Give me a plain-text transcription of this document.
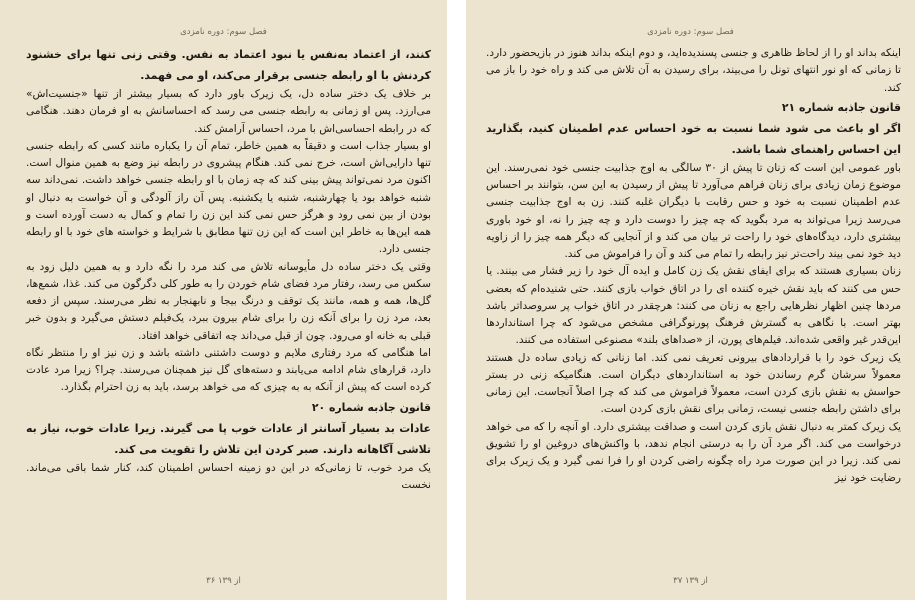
فصل سوم: دوره نامزدی

کنند، از اعتماد به‌نفس یا نبود اعتماد به نفس. وقتی زنی تنها برای خشنود کردنش با او رابطه جنسی برقرار می‌کند، او می فهمد.

بر خلاف یک دختر ساده دل، یک زیرک باور دارد که بسیار بیشتر از تنها «جنسیت‌اش» می‌ارزد. پس او زمانی به رابطه جنسی می رسد که احساسانش به او فرمان دهند. هنگامی که در رابطه احساسی‌اش با مرد، احساس آرامش کند.

او بسیار جذاب است و دقیقاً به همین خاطر، تمام آن را یکباره مانند کسی که رابطه جنسی تنها دارایی‌اش است، خرج نمی کند. هنگام پیشروی در رابطه نیز وضع به همین منوال است. اکنون مرد نمی‌تواند پیش بینی کند که چه زمان با او رابطه جنسی خواهد داشت. نمی‌داند سه شنبه خواهد بود یا چهارشنبه، شنبه یا یکشنبه. پس آن راز آلودگی و آن خواست به دنبال او بودن از بین نمی رود و هرگز حس نمی کند این زن را تمام و کمال به دست آورده است و همه این‌ها به خاطر این است که این زن تنها مطابق با شرایط و خواسته های خود با او رابطه جنسی دارد.

وقتی یک دختر ساده دل مأیوسانه تلاش می کند مرد را نگه دارد و به همین دلیل زود به سکس می رسد، رفتار مرد فضای شام خوردن را به طور کلی دگرگون می کند. غذا، شمع‌ها، گل‌ها، همه و همه، مانند یک توقف و درنگ بیجا و نابهنجار به نظر می‌رسند. سپس از دفعه بعد، مرد زن را برای آنکه زن را برای شام بیرون ببرد، یک‌فیلم دستش می‌گیرد و بدون خبر قبلی به خانه او می‌رود. چون از قبل می‌داند چه اتفاقی خواهد افتاد.

اما هنگامی که مرد رفتاری ملایم و دوست داشتنی داشته باشد و زن نیز او را منتظر نگاه دارد، قرارهای شام ادامه می‌یابند و دسته‌های گل نیز همچنان می‌رسند. چرا؟ زیرا مرد عادت کرده است که پیش از آنکه به به چیزی که می خواهد برسد، باید به زن احترام بگذارد.

قانون جاذبه شماره ۲۰

عادات بد بسیار آسانتر از عادات خوب پا می گیرند. زیرا عادات خوب، نیاز به تلاشی آگاهانه دارند. صبر کردن این تلاش را تقویت می کند.

یک مرد خوب، تا زمانی‌که در این دو زمینه احساس اطمینان کند، کنار شما باقی می‌ماند. نخست

۳۶ از ۱۳۹
فصل سوم: دوره نامزدی

اینکه بداند او را از لحاظ ظاهری و جنسی پسندیده‌اید، و دوم اینکه بداند هنوز در بازیحضور دارد. تا زمانی که او نور انتهای تونل را می‌بیند، برای رسیدن به آن تلاش می کند و راه خود را باز می کند.

قانون جاذبه شماره ۲۱

اگر او باعث می شود شما نسبت به خود احساس عدم اطمینان کنید، بگذارید این احساس راهنمای شما باشد.

باور عمومی این است که زنان تا پیش از ۳۰ سالگی به اوج جذابیت جنسی خود نمی‌رسند. این موضوع زمان زیادی برای زنان فراهم می‌آورد تا پیش از رسیدن به این سن، بتوانند بر احساس عدم اطمینان نسبت به خود و حس رقابت با دیگران غلبه کنند. زن به اوج جذابیت جنسی می‌رسد زیرا می‌تواند به مرد بگوید که چه چیز را دوست دارد و چه چیز را نه، او خود باوری بیشتری دارد، دیدگاه‌های خود را راحت تر بیان می کند و از آنجایی که دیگر همه چیز را از زاویه دید خود نمی بیند راحت‌تر نیز رابطه را تمام می کند و آن را فراموش می کند.

زنان بسیاری هستند که برای ایفای نقش یک زن کامل و ایده آل خود را زیر فشار می بینند. یا حس می کنند که باید نقش خیره کننده ای را در اتاق خواب بازی کنند. حتی شنیده‌ام که بعضی مردها چنین اظهار نظرهایی راجع به زنان می کنند: هرچقدر در اتاق خواب پر سروصداتر باشد بهتر است. با نگاهی به گسترش فرهنگ پورنوگرافی مشخص می‌شود که چرا استانداردها این‌قدر غیر واقعی شده‌اند. فیلم‌های پورن، از «صداهای بلند» مصنوعی استفاده می کنند.

یک زیرک خود را با قراردادهای بیرونی تعریف نمی کند. اما زنانی که زیادی ساده دل هستند معمولاً سرشان گرم رساندن خود به استانداردهای دیگران است. هنگامیکه زنی در بستر حواسش به نقش بازی کردن است، معمولاً فراموش می کند که چرا اصلاً آنجاست. این زمانی برای داشتن رابطه جنسی نیست، زمانی برای نقش بازی کردن است.

یک زیرک کمتر به دنبال نقش بازی کردن است و صداقت بیشتری دارد. او آنچه را که می خواهد درخواست می کند. اگر مرد آن را به درستی انجام ندهد، با واکنش‌های دروغین او را تشویق نمی کند. زیرا در این صورت مرد راه چگونه راضی کردن او را فرا نمی گیرد و یک زیرک برای رضایت خود نیز

۳۷ از ۱۳۹
